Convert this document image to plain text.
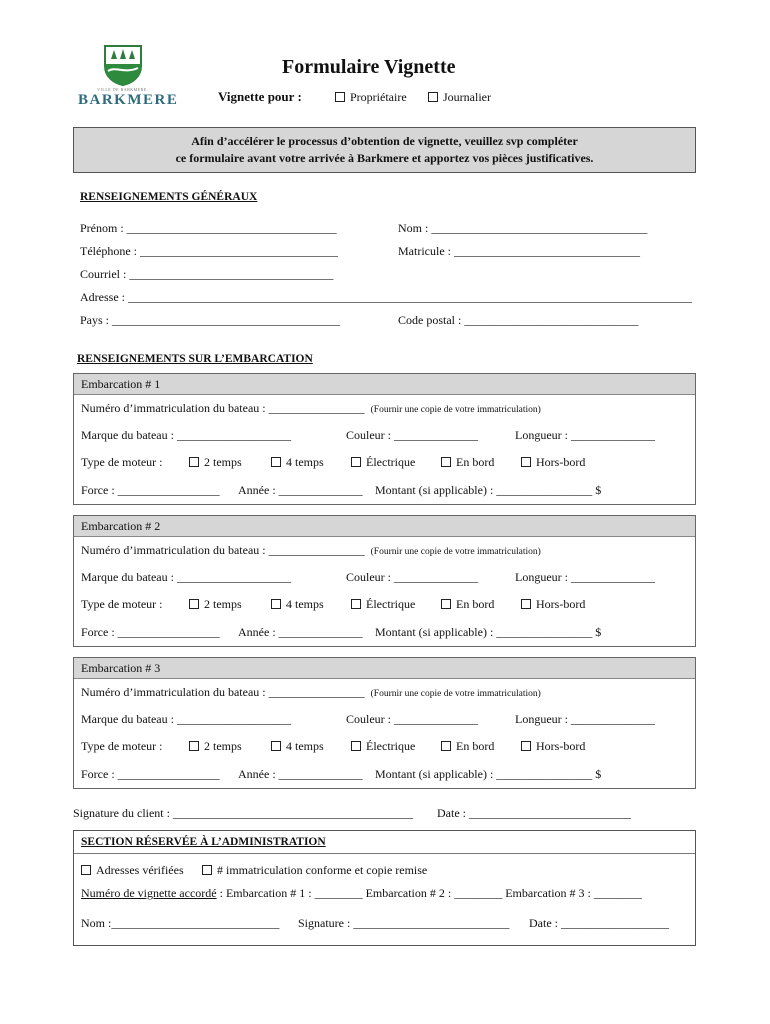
VILLE DE BARKMERE
BARKMERE
Formulaire Vignette
Vignette pour :	Propriétaire	Journalier
Afin d’accélérer le processus d’obtention de vignette, veuillez svp compléter
ce formulaire avant votre arrivée à Barkmere et apportez vos pièces justificatives.
RENSEIGNEMENTS GÉNÉRAUX
Prénom : ___________________________________	Nom : ____________________________________
Téléphone : _________________________________	Matricule : _______________________________
Courriel : __________________________________
Adresse : ______________________________________________________________________________________________
Pays : ______________________________________	Code postal : _____________________________
RENSEIGNEMENTS SUR L’EMBARCATION
Embarcation # 1
Numéro d’immatriculation du bateau : ________________ (Fournir une copie de votre immatriculation)
Marque du bateau : ___________________	Couleur : ______________	Longueur : ______________
Type de moteur :	2 temps	4 temps	Électrique	En bord	Hors-bord
Force : _________________ Année : ______________ Montant (si applicable) : ________________ $
Embarcation # 2
Numéro d’immatriculation du bateau : ________________ (Fournir une copie de votre immatriculation)
Marque du bateau : ___________________	Couleur : ______________	Longueur : ______________
Type de moteur :	2 temps	4 temps	Électrique	En bord	Hors-bord
Force : _________________ Année : ______________ Montant (si applicable) : ________________ $
Embarcation # 3
Numéro d’immatriculation du bateau : ________________ (Fournir une copie de votre immatriculation)
Marque du bateau : ___________________	Couleur : ______________	Longueur : ______________
Type de moteur :	2 temps	4 temps	Électrique	En bord	Hors-bord
Force : _________________ Année : ______________ Montant (si applicable) : ________________ $
Signature du client : ________________________________________ Date : ___________________________
SECTION RÉSERVÉE À L’ADMINISTRATION
Adresses vérifiées	# immatriculation conforme et copie remise
Numéro de vignette accordé : Embarcation # 1 : ________ Embarcation # 2 : ________ Embarcation # 3 : ________
Nom :____________________________ Signature : __________________________ Date : __________________
